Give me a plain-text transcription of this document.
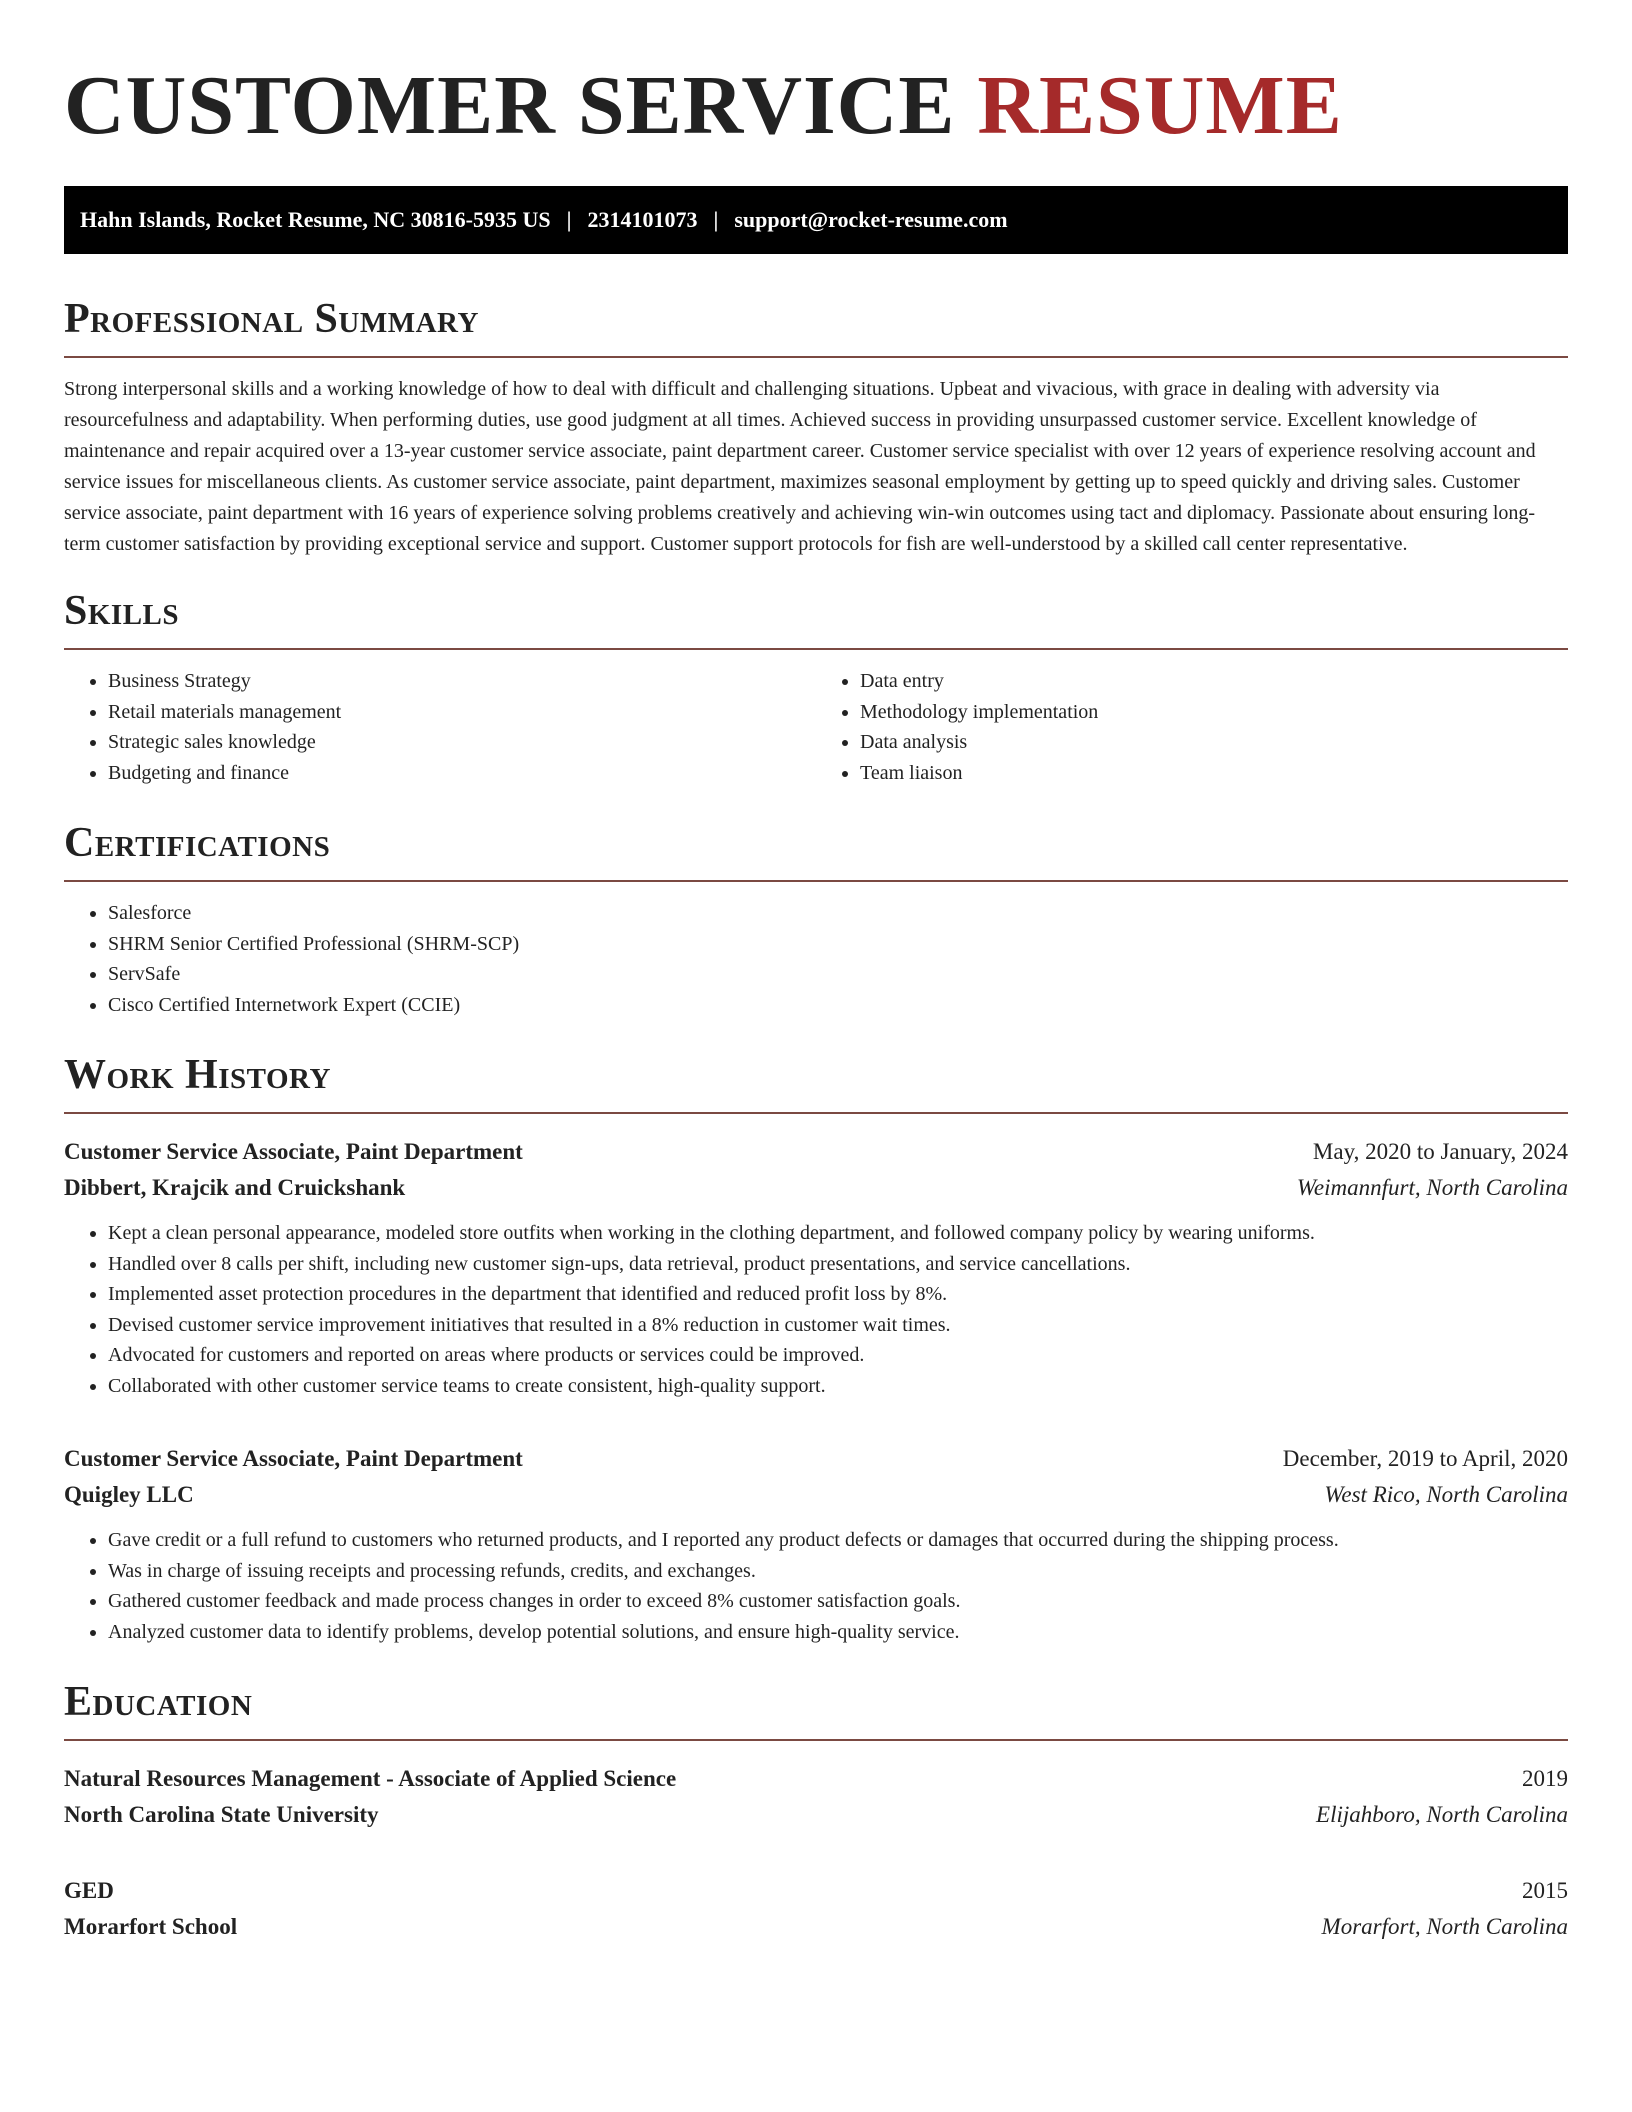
CUSTOMER SERVICE RESUME
Hahn Islands, Rocket Resume, NC 30816-5935 US | 2314101073 | support@rocket-resume.com
Professional Summary

Strong interpersonal skills and a working knowledge of how to deal with difficult and challenging situations. Upbeat and vivacious, with grace in dealing with adversity via resourcefulness and adaptability. When performing duties, use good judgment at all times. Achieved success in providing unsurpassed customer service. Excellent knowledge of maintenance and repair acquired over a 13-year customer service associate, paint department career. Customer service specialist with over 12 years of experience resolving account and service issues for miscellaneous clients. As customer service associate, paint department, maximizes seasonal employment by getting up to speed quickly and driving sales. Customer service associate, paint department with 16 years of experience solving problems creatively and achieving win-win outcomes using tact and diplomacy. Passionate about ensuring long-term customer satisfaction by providing exceptional service and support. Customer support protocols for fish are well-understood by a skilled call center representative.

Skills
• Business Strategy
• Retail materials management
• Strategic sales knowledge
• Budgeting and finance
• Data entry
• Methodology implementation
• Data analysis
• Team liaison
Certifications
• Salesforce
• SHRM Senior Certified Professional (SHRM-SCP)
• ServSafe
• Cisco Certified Internetwork Expert (CCIE)
Work History
Customer Service Associate, Paint Department	May, 2020 to January, 2024
Dibbert, Krajcik and Cruickshank	Weimannfurt, North Carolina
• Kept a clean personal appearance, modeled store outfits when working in the clothing department, and followed company policy by wearing uniforms.
• Handled over 8 calls per shift, including new customer sign-ups, data retrieval, product presentations, and service cancellations.
• Implemented asset protection procedures in the department that identified and reduced profit loss by 8%.
• Devised customer service improvement initiatives that resulted in a 8% reduction in customer wait times.
• Advocated for customers and reported on areas where products or services could be improved.
• Collaborated with other customer service teams to create consistent, high-quality support.
Customer Service Associate, Paint Department	December, 2019 to April, 2020
Quigley LLC	West Rico, North Carolina
• Gave credit or a full refund to customers who returned products, and I reported any product defects or damages that occurred during the shipping process.
• Was in charge of issuing receipts and processing refunds, credits, and exchanges.
• Gathered customer feedback and made process changes in order to exceed 8% customer satisfaction goals.
• Analyzed customer data to identify problems, develop potential solutions, and ensure high-quality service.
Education
Natural Resources Management - Associate of Applied Science	2019
North Carolina State University	Elijahboro, North Carolina
GED	2015
Morarfort School	Morarfort, North Carolina
